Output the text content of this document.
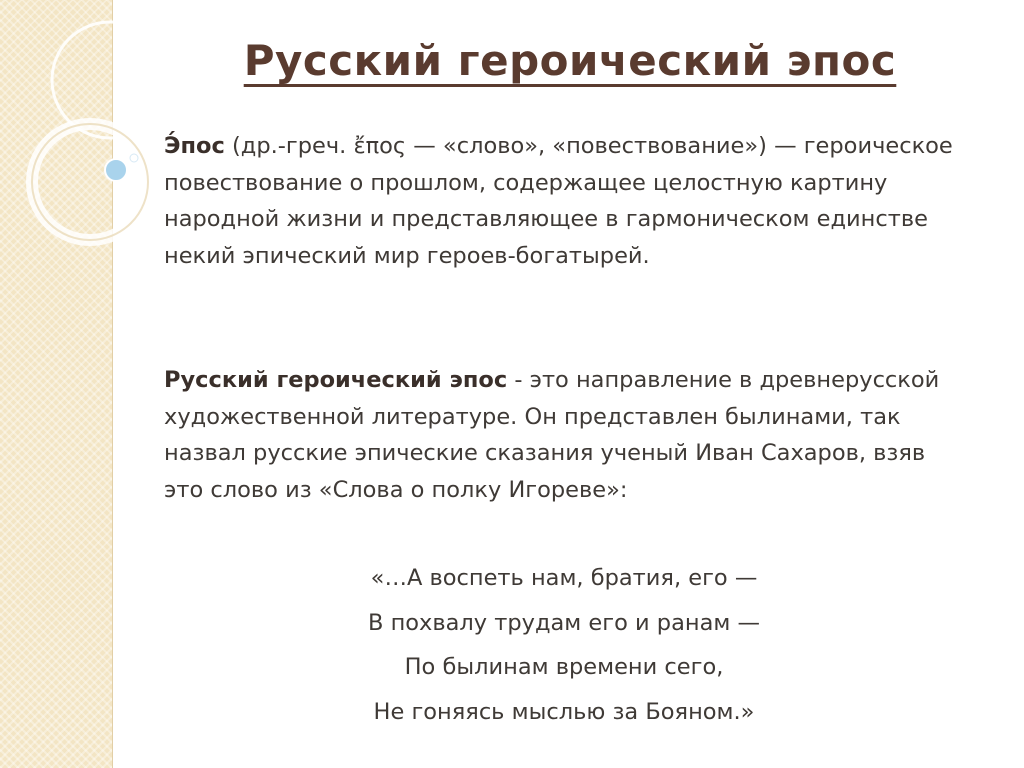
Русский героический эпос

Э́пос (др.-греч. ἔπος — «слово», «повествование») — героическое повествование о прошлом, содержащее целостную картину народной жизни и представляющее в гармоническом единстве некий эпический мир героев-богатырей.

Русский героический эпос - это направление в древнерусской художественной литературе. Он представлен былинами, так назвал русские эпические сказания ученый Иван Сахаров, взяв это слово из «Слова о полку Игореве»:

«…А воспеть нам, братия, его —
В похвалу трудам его и ранам —
По былинам времени сего,
Не гоняясь мыслью за Бояном.»
